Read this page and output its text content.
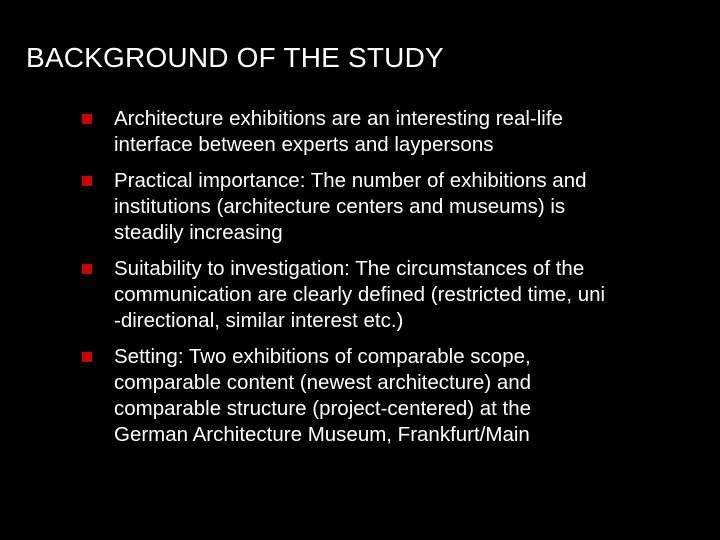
BACKGROUND OF THE STUDY
Architecture exhibitions are an interesting real-life
interface between experts and laypersons
Practical importance: The number of exhibitions and
institutions (architecture centers and museums) is
steadily increasing
Suitability to investigation: The circumstances of the
communication are clearly defined (restricted time, uni
-directional, similar interest etc.)
Setting: Two exhibitions of comparable scope,
comparable content (newest architecture) and
comparable structure (project-centered) at the
German Architecture Museum, Frankfurt/Main
